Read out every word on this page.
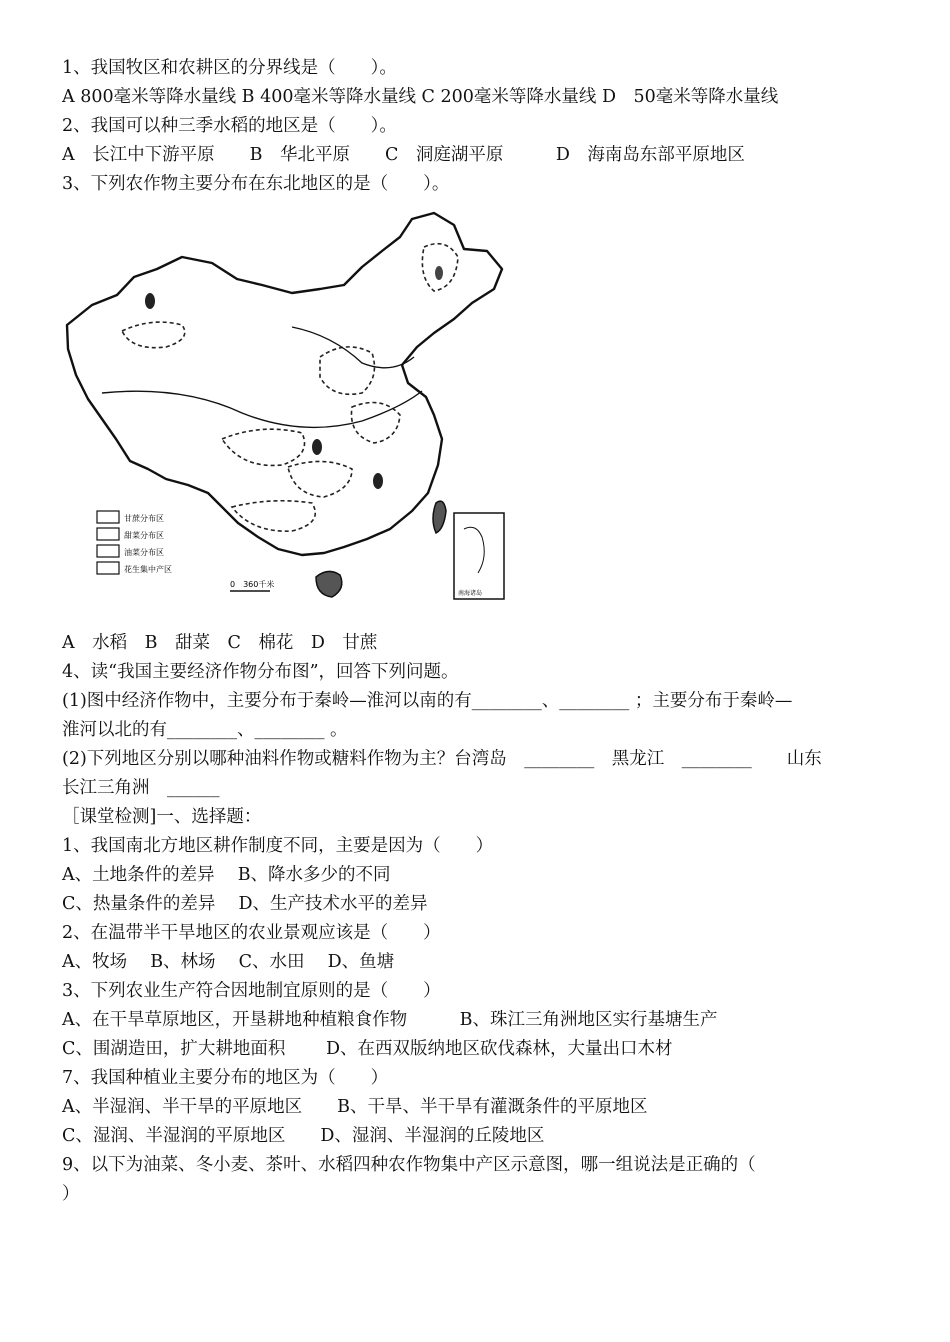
1、我国牧区和农耕区的分界线是（　　）。
A 800毫米等降水量线 B 400毫米等降水量线 C 200毫米等降水量线 D　50毫米等降水量线
2、我国可以种三季水稻的地区是（　　）。
A　长江中下游平原　　B　华北平原　　C　洞庭湖平原　　　D　海南岛东部平原地区
3、下列农作物主要分布在东北地区的是（　　）。
甘蔗分布区
甜菜分布区
油菜分布区
花生集中产区
0　360千米
南海诸岛
A　水稻　B　甜菜　C　棉花　D　甘蔗
4、读“我国主要经济作物分布图”，回答下列问题。
(1)图中经济作物中，主要分布于秦岭—淮河以南的有________、________ ；主要分布于秦岭—
淮河以北的有________、________ 。
(2)下列地区分别以哪种油料作物或糖料作物为主？台湾岛　________　黑龙江　________　　山东
长江三角洲　______
［课堂检测]一、选择题：
1、我国南北方地区耕作制度不同，主要是因为（　　）
A、土地条件的差异　 B、降水多少的不同
C、热量条件的差异　 D、生产技术水平的差异
2、在温带半干旱地区的农业景观应该是（　　）
A、牧场　 B、林场　 C、水田　 D、鱼塘
3、下列农业生产符合因地制宜原则的是（　　）
A、在干旱草原地区，开垦耕地种植粮食作物　　　B、珠江三角洲地区实行基塘生产
C、围湖造田，扩大耕地面积　　 D、在西双版纳地区砍伐森林，大量出口木材
7、我国种植业主要分布的地区为（　　）
A、半湿润、半干旱的平原地区　　B、干旱、半干旱有灌溉条件的平原地区
C、湿润、半湿润的平原地区　　D、湿润、半湿润的丘陵地区
9、以下为油菜、冬小麦、茶叶、水稻四种农作物集中产区示意图，哪一组说法是正确的（
）
